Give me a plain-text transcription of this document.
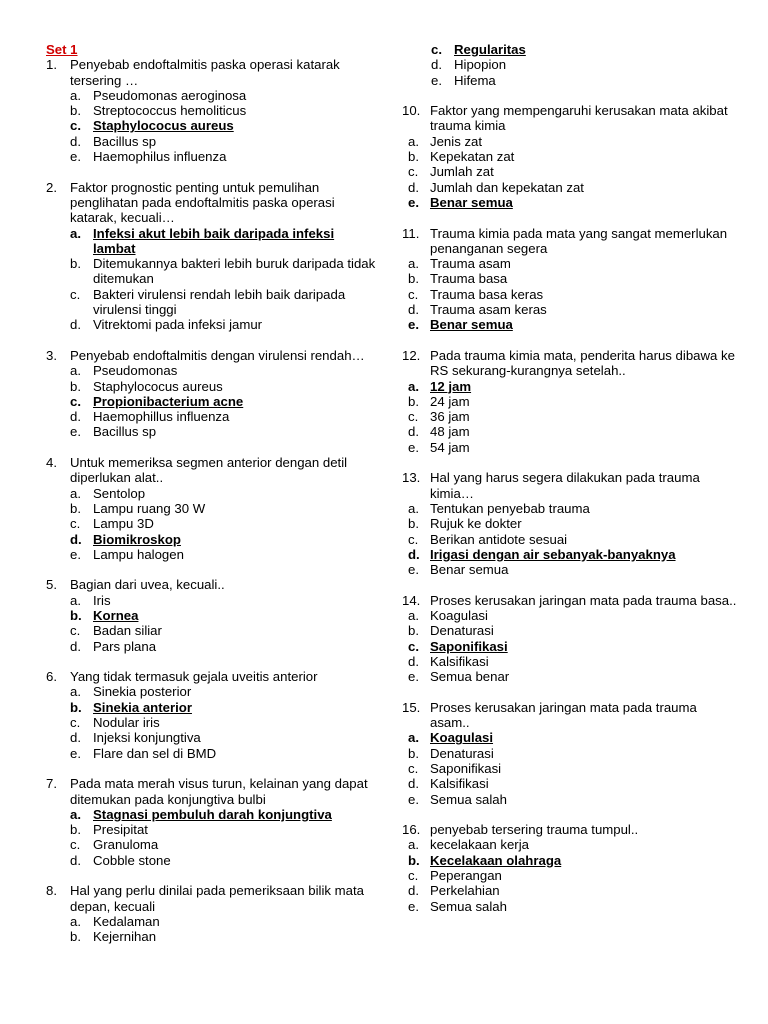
Set 1
1. Penyebab endoftalmitis paska operasi katarak tersering …
a. Pseudomonas aeroginosa
b. Streptococcus hemoliticus
c. Staphylococus aureus
d. Bacillus sp
e. Haemophilus influenza
2. Faktor prognostic penting untuk pemulihan penglihatan pada endoftalmitis paska operasi katarak, kecuali…
a. Infeksi akut lebih baik daripada infeksi lambat
b. Ditemukannya bakteri lebih buruk daripada tidak ditemukan
c. Bakteri virulensi rendah lebih baik daripada virulensi tinggi
d. Vitrektomi pada infeksi jamur
3. Penyebab endoftalmitis dengan virulensi rendah…
a. Pseudomonas
b. Staphylococus aureus
c. Propionibacterium acne
d. Haemophillus influenza
e. Bacillus sp
4. Untuk memeriksa segmen anterior dengan detil diperlukan alat..
a. Sentolop
b. Lampu ruang 30 W
c. Lampu 3D
d. Biomikroskop
e. Lampu halogen
5. Bagian dari uvea, kecuali..
a. Iris
b. Kornea
c. Badan siliar
d. Pars plana
6. Yang tidak termasuk gejala uveitis anterior
a. Sinekia posterior
b. Sinekia anterior
c. Nodular iris
d. Injeksi konjungtiva
e. Flare dan sel di BMD
7. Pada mata merah visus turun, kelainan yang dapat ditemukan pada konjungtiva bulbi
a. Stagnasi pembuluh darah konjungtiva
b. Presipitat
c. Granuloma
d. Cobble stone
8. Hal yang perlu dinilai pada pemeriksaan bilik mata depan, kecuali
a. Kedalaman
b. Kejernihan
c. Regularitas
d. Hipopion
e. Hifema
10. Faktor yang mempengaruhi kerusakan mata akibat trauma kimia
a. Jenis zat
b. Kepekatan zat
c. Jumlah zat
d. Jumlah dan kepekatan zat
e. Benar semua
11. Trauma kimia pada mata yang sangat memerlukan penanganan segera
a. Trauma asam
b. Trauma basa
c. Trauma basa keras
d. Trauma asam keras
e. Benar semua
12. Pada trauma kimia mata, penderita harus dibawa ke RS sekurang-kurangnya setelah..
a. 12 jam
b. 24 jam
c. 36 jam
d. 48 jam
e. 54 jam
13. Hal yang harus segera dilakukan pada trauma kimia…
a. Tentukan penyebab trauma
b. Rujuk ke dokter
c. Berikan antidote sesuai
d. Irigasi dengan air sebanyak-banyaknya
e. Benar semua
14. Proses kerusakan jaringan mata pada trauma basa..
a. Koagulasi
b. Denaturasi
c. Saponifikasi
d. Kalsifikasi
e. Semua benar
15. Proses kerusakan jaringan mata pada trauma asam..
a. Koagulasi
b. Denaturasi
c. Saponifikasi
d. Kalsifikasi
e. Semua salah
16. penyebab tersering trauma tumpul..
a. kecelakaan kerja
b. Kecelakaan olahraga
c. Peperangan
d. Perkelahian
e. Semua salah
